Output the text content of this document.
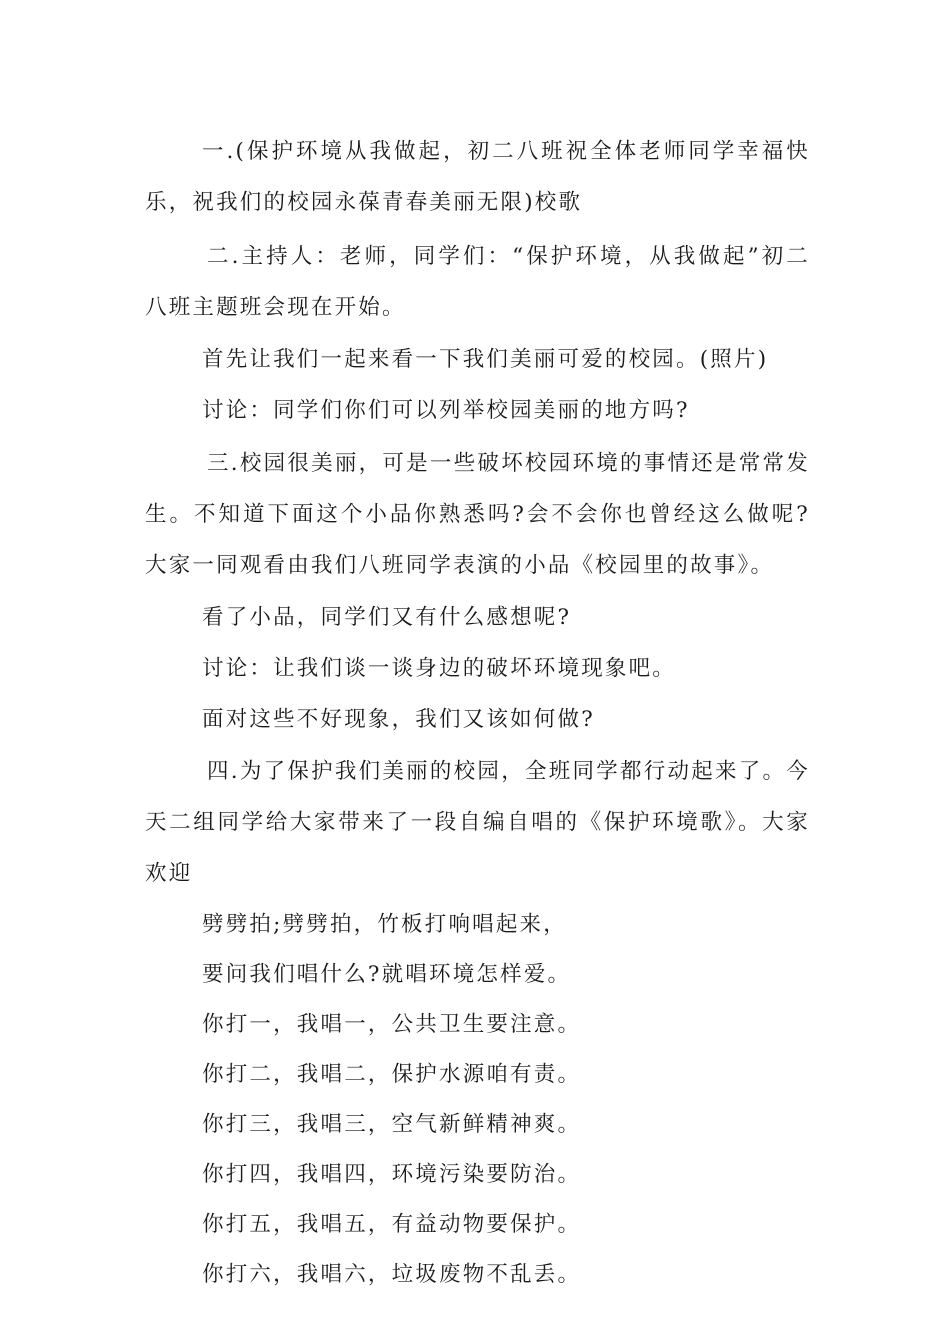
一.(保护环境从我做起，初二八班祝全体老师同学幸福快乐，祝我们的校园永葆青春美丽无限)校歌

二.主持人：老师，同学们：“保护环境，从我做起”初二八班主题班会现在开始。

首先让我们一起来看一下我们美丽可爱的校园。(照片)

讨论：同学们你们可以列举校园美丽的地方吗?

三.校园很美丽，可是一些破坏校园环境的事情还是常常发生。不知道下面这个小品你熟悉吗?会不会你也曾经这么做呢?大家一同观看由我们八班同学表演的小品《校园里的故事》。

看了小品，同学们又有什么感想呢?

讨论：让我们谈一谈身边的破坏环境现象吧。

面对这些不好现象，我们又该如何做?

四.为了保护我们美丽的校园，全班同学都行动起来了。今天二组同学给大家带来了一段自编自唱的《保护环境歌》。大家欢迎

劈劈拍;劈劈拍，竹板打响唱起来，

要问我们唱什么?就唱环境怎样爱。

你打一，我唱一，公共卫生要注意。

你打二，我唱二，保护水源咱有责。

你打三，我唱三，空气新鲜精神爽。

你打四，我唱四，环境污染要防治。

你打五，我唱五，有益动物要保护。

你打六，我唱六，垃圾废物不乱丢。
